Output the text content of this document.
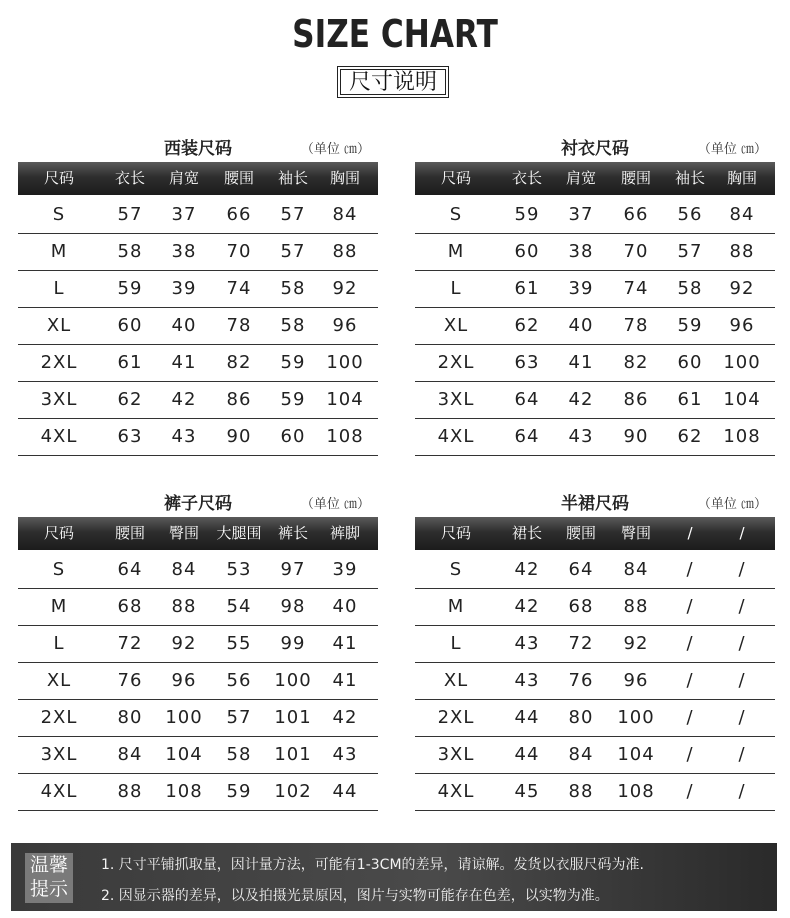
SIZE CHART
尺寸说明
西装尺码	（单位 ㎝）
尺码	衣长	肩宽	腰围	袖长	胸围
S	57	37	66	57	84
M	58	38	70	57	88
L	59	39	74	58	92
XL	60	40	78	58	96
2XL	61	41	82	59	100
3XL	62	42	86	59	104
4XL	63	43	90	60	108
衬衣尺码	（单位 ㎝）
尺码	衣长	肩宽	腰围	袖长	胸围
S	59	37	66	56	84
M	60	38	70	57	88
L	61	39	74	58	92
XL	62	40	78	59	96
2XL	63	41	82	60	100
3XL	64	42	86	61	104
4XL	64	43	90	62	108
裤子尺码	（单位 ㎝）
尺码	腰围	臀围	大腿围	裤长	裤脚
S	64	84	53	97	39
M	68	88	54	98	40
L	72	92	55	99	41
XL	76	96	56	100	41
2XL	80	100	57	101	42
3XL	84	104	58	101	43
4XL	88	108	59	102	44
半裙尺码	（单位 ㎝）
尺码	裙长	腰围	臀围	/	/
S	42	64	84	/	/
M	42	68	88	/	/
L	43	72	92	/	/
XL	43	76	96	/	/
2XL	44	80	100	/	/
3XL	44	84	104	/	/
4XL	45	88	108	/	/
温馨
提示
1. 尺寸平铺抓取量，因计量方法，可能有1-3CM的差异，请谅解。发货以衣服尺码为准.
2. 因显示器的差异，以及拍摄光景原因，图片与实物可能存在色差，以实物为准。
